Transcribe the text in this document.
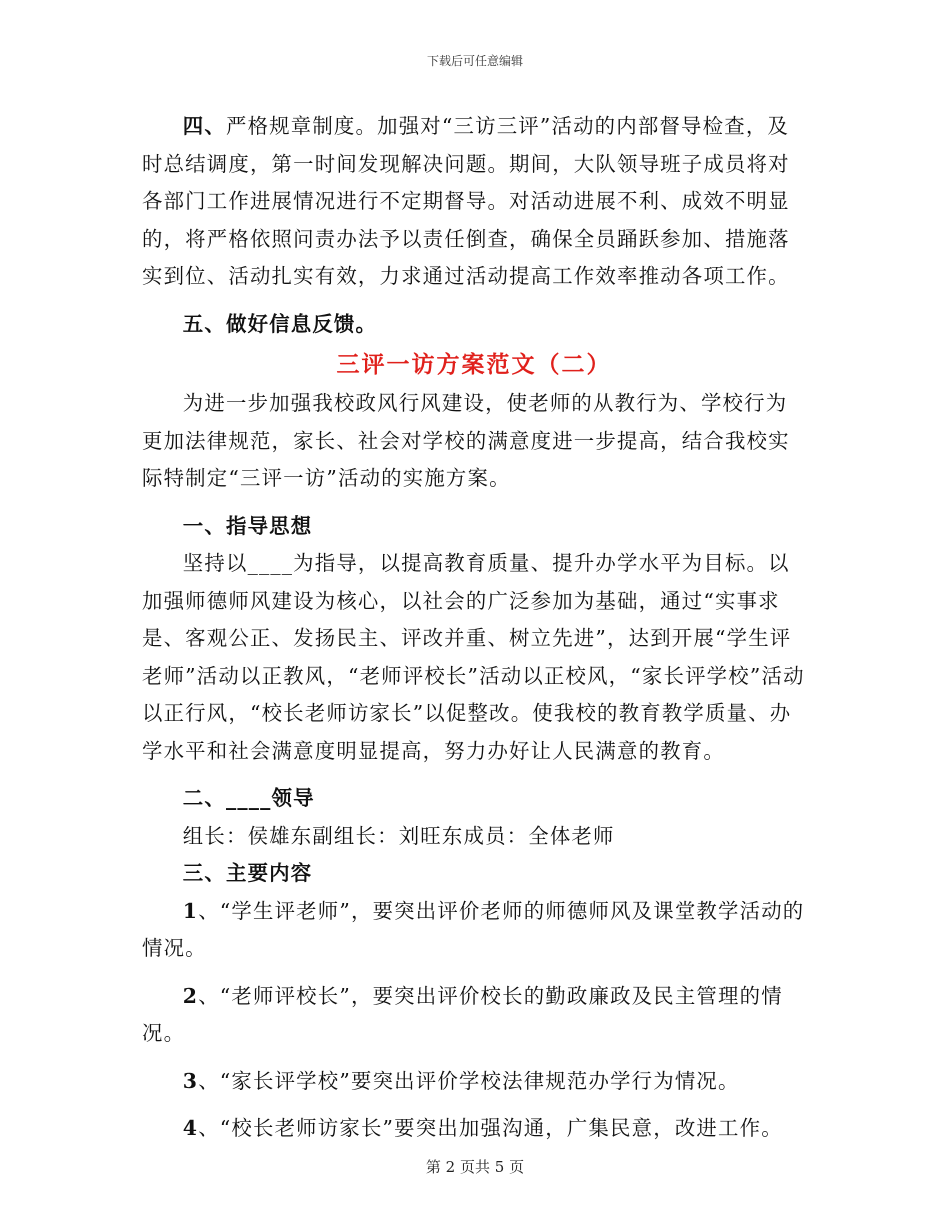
下载后可任意编辑

四、严格规章制度。加强对“三访三评”活动的内部督导检查，及时总结调度，第一时间发现解决问题。期间，大队领导班子成员将对各部门工作进展情况进行不定期督导。对活动进展不利、成效不明显的，将严格依照问责办法予以责任倒查，确保全员踊跃参加、措施落实到位、活动扎实有效，力求通过活动提高工作效率推动各项工作。

五、做好信息反馈。

三评一访方案范文（二）

为进一步加强我校政风行风建设，使老师的从教行为、学校行为更加法律规范，家长、社会对学校的满意度进一步提高，结合我校实际特制定“三评一访”活动的实施方案。

一、指导思想

坚持以____为指导，以提高教育质量、提升办学水平为目标。以加强师德师风建设为核心，以社会的广泛参加为基础，通过“实事求是、客观公正、发扬民主、评改并重、树立先进”，达到开展“学生评老师”活动以正教风，“老师评校长”活动以正校风，“家长评学校”活动以正行风，“校长老师访家长”以促整改。使我校的教育教学质量、办学水平和社会满意度明显提高，努力办好让人民满意的教育。

二、____领导

组长：侯雄东副组长：刘旺东成员：全体老师

三、主要内容

1、“学生评老师”，要突出评价老师的师德师风及课堂教学活动的情况。

2、“老师评校长”，要突出评价校长的勤政廉政及民主管理的情况。

3、“家长评学校”要突出评价学校法律规范办学行为情况。

4、“校长老师访家长”要突出加强沟通，广集民意，改进工作。

第 2 页共 5 页
